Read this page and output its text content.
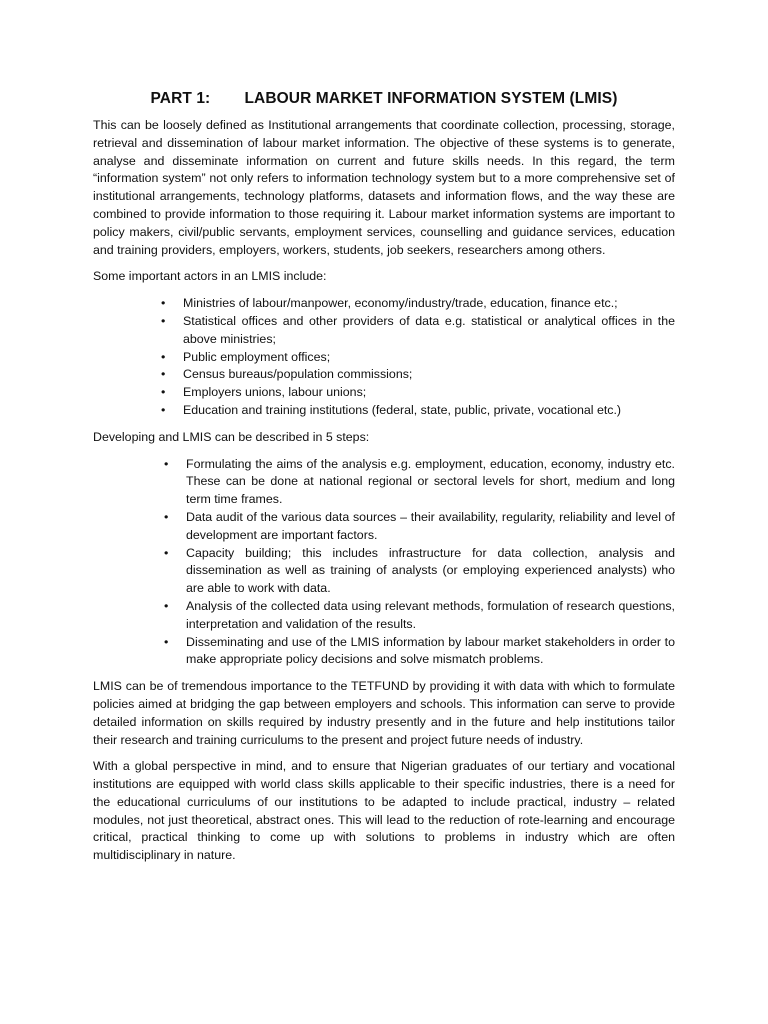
PART 1: LABOUR MARKET INFORMATION SYSTEM (LMIS)

This can be loosely defined as Institutional arrangements that coordinate collection, processing, storage, retrieval and dissemination of labour market information. The objective of these systems is to generate, analyse and disseminate information on current and future skills needs. In this regard, the term “information system” not only refers to information technology system but to a more comprehensive set of institutional arrangements, technology platforms, datasets and information flows, and the way these are combined to provide information to those requiring it. Labour market information systems are important to policy makers, civil/public servants, employment services, counselling and guidance services, education and training providers, employers, workers, students, job seekers, researchers among others.

Some important actors in an LMIS include:

•	Ministries of labour/manpower, economy/industry/trade, education, finance etc.;
•	Statistical offices and other providers of data e.g. statistical or analytical offices in the above ministries;
•	Public employment offices;
•	Census bureaus/population commissions;
•	Employers unions, labour unions;
•	Education and training institutions (federal, state, public, private, vocational etc.)

Developing and LMIS can be described in 5 steps:

•	Formulating the aims of the analysis e.g. employment, education, economy, industry etc. These can be done at national regional or sectoral levels for short, medium and long term time frames.
•	Data audit of the various data sources – their availability, regularity, reliability and level of development are important factors.
•	Capacity building; this includes infrastructure for data collection, analysis and dissemination as well as training of analysts (or employing experienced analysts) who are able to work with data.
•	Analysis of the collected data using relevant methods, formulation of research questions, interpretation and validation of the results.
•	Disseminating and use of the LMIS information by labour market stakeholders in order to make appropriate policy decisions and solve mismatch problems.

LMIS can be of tremendous importance to the TETFUND by providing it with data with which to formulate policies aimed at bridging the gap between employers and schools. This information can serve to provide detailed information on skills required by industry presently and in the future and help institutions tailor their research and training curriculums to the present and project future needs of industry.

With a global perspective in mind, and to ensure that Nigerian graduates of our tertiary and vocational institutions are equipped with world class skills applicable to their specific industries, there is a need for the educational curriculums of our institutions to be adapted to include practical, industry – related modules, not just theoretical, abstract ones. This will lead to the reduction of rote-learning and encourage critical, practical thinking to come up with solutions to problems in industry which are often multidisciplinary in nature.
